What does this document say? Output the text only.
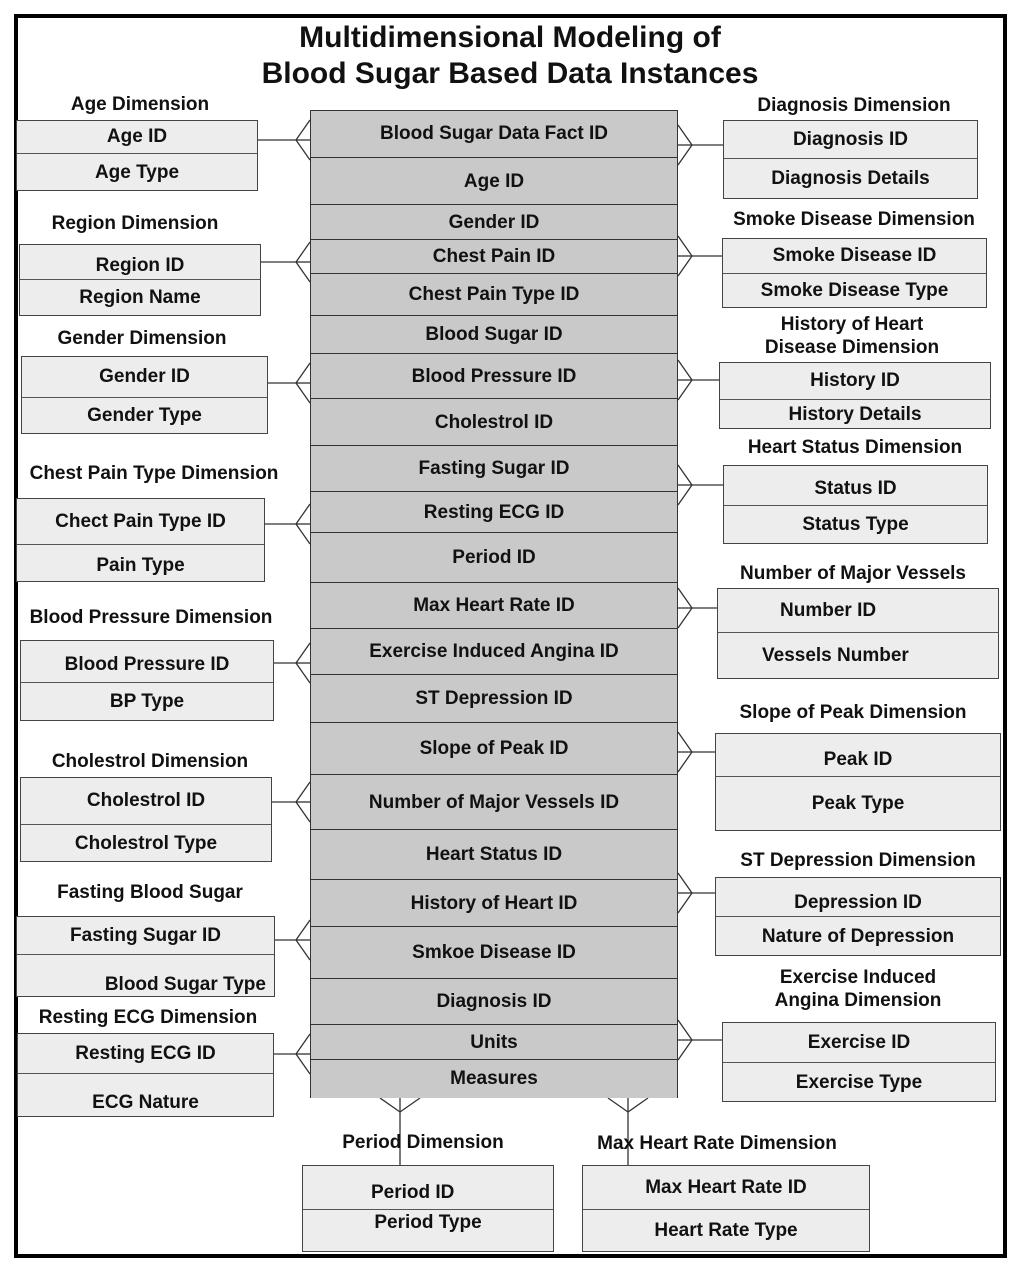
Multidimensional Modeling of
Blood Sugar Based Data Instances
Blood Sugar Data Fact ID
Age ID
Gender ID
Chest Pain ID
Chest Pain Type ID
Blood Sugar ID
Blood Pressure ID
Cholestrol ID
Fasting Sugar ID
Resting ECG ID
Period ID
Max Heart Rate ID
Exercise Induced Angina ID
ST Depression ID
Slope of Peak ID
Number of Major Vessels ID
Heart Status ID
History of Heart ID
Smkoe Disease ID
Diagnosis ID
Units
Measures
Age Dimension
Age ID
Age Type
Region Dimension
Region ID
Region Name
Gender Dimension
Gender ID
Gender Type
Chest Pain Type Dimension
Chect Pain Type ID
Pain Type
Blood Pressure Dimension
Blood Pressure ID
BP Type
Cholestrol Dimension
Cholestrol ID
Cholestrol Type
Fasting Blood Sugar
Fasting Sugar ID
Blood Sugar Type
Resting ECG Dimension
Resting ECG ID
ECG Nature
Diagnosis Dimension
Diagnosis ID
Diagnosis Details
Smoke Disease Dimension
Smoke Disease ID
Smoke Disease Type
History of Heart
Disease Dimension
History ID
History Details
Heart Status Dimension
Status ID
Status Type
Number of Major Vessels
Number ID
Vessels Number
Slope of Peak Dimension
Peak ID
Peak Type
ST Depression Dimension
Depression ID
Nature of Depression
Exercise Induced
Angina Dimension
Exercise ID
Exercise Type
Period Dimension
Period ID
Period Type
Max Heart Rate Dimension
Max Heart Rate ID
Heart Rate Type
